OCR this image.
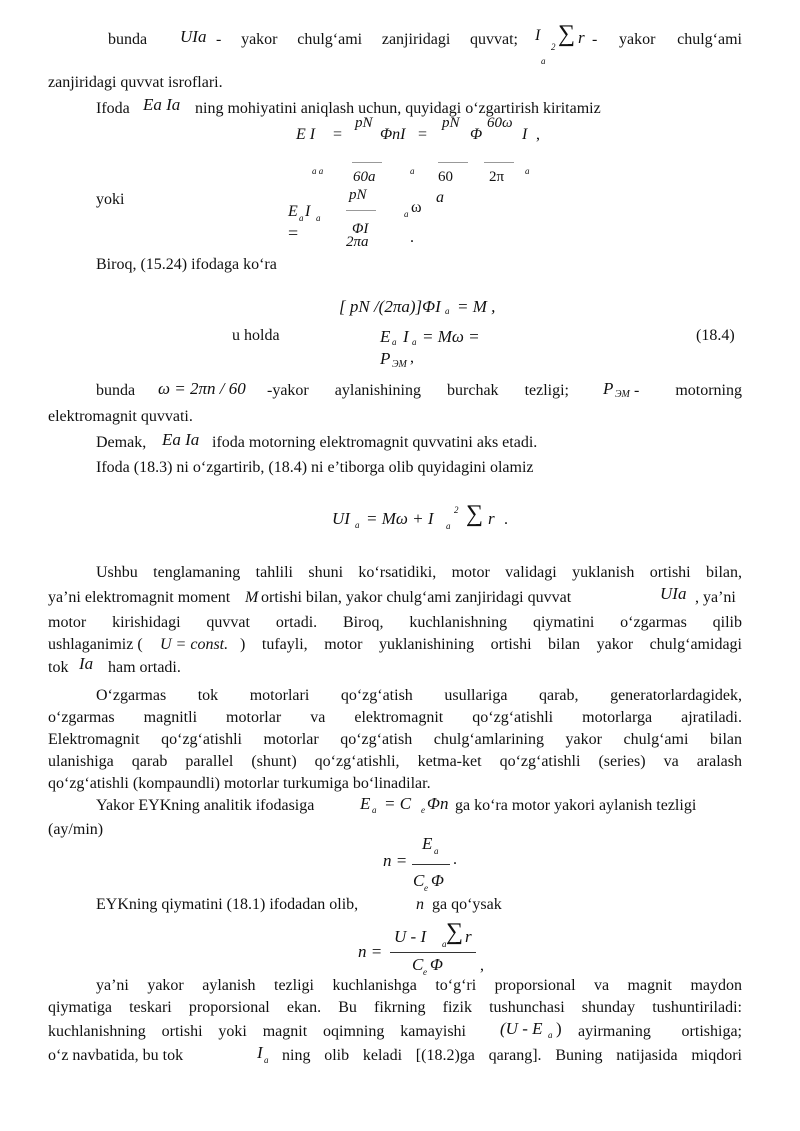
bunda UIa - yakor chulg‘ami zanjiridagi quvvat; I
2
a
∑ r - yakor chulg‘ami
zanjiridagi quvvat isroflari.
Ifoda Ea Ia ning mohiyatini aniqlash uchun, quyidagi o‘zgartirish kiritamiz
E I =
pN
ΦnI =
pN
Φ
60ω
I ,
a a 60a	a 60 2π a
yoki
E a I a
=
pN
ΦI
2πa
a ω
a
.
Biroq, (15.24) ifodaga ko‘ra
[ pN /(2πa)]ΦI a = M ,
u holda	E a I a = Mω =
P ЭМ ,
(18.4)
bunda ω = 2πn / 60 -yakor aylanishining burchak tezligi; P ЭМ - motorning
elektromagnit quvvati.
Demak, Ea Ia ifoda motorning elektromagnit quvvatini aks etadi.
Ifoda (18.3) ni o‘zgartirib, (18.4) ni e’tiborga olib quyidagini olamiz
UI a = Mω + I a
2 ∑ r .
Ushbu tenglamaning tahlili shuni ko‘rsatidiki, motor validagi yuklanish ortishi bilan,
ya’ni elektromagnit moment M ortishi bilan, yakor chulg‘ami zanjiridagi quvvat	UIa , ya’ni
motor kirishidagi quvvat ortadi. Biroq, kuchlanishning qiymatini o‘zgarmas qilib
ushlaganimiz ( U = const. ) tufayli, motor yuklanishining ortishi bilan yakor chulg‘amidagi
tok Ia ham ortadi.
O‘zgarmas tok motorlari qo‘zg‘atish usullariga qarab, generatorlardagidek,
o‘zgarmas magnitli motorlar va elektromagnit qo‘zg‘atishli motorlarga ajratiladi.
Elektromagnit qo‘zg‘atishli motorlar qo‘zg‘atish chulg‘amlarining yakor chulg‘ami bilan
ulanishiga qarab parallel (shunt) qo‘zg‘atishli, ketma-ket qo‘zg‘atishli (series) va aralash
qo‘zg‘atishli (kompaundli) motorlar turkumiga bo‘linadilar.
Yakor EYKning analitik ifodasiga	E a = C e Φn ga ko‘ra motor yakori aylanish tezligi
(ay/min)
n =
E a
C e Φ
.
EYKning qiymatini (18.1) ifodadan olib,	n ga qo‘ysak
n =
U - I a ∑ r
C e Φ ,
ya’ni yakor aylanish tezligi kuchlanishga to‘g‘ri proporsional va magnit maydon
qiymatiga teskari proporsional ekan. Bu fikrning fizik tushunchasi shunday tushuntiriladi:
kuchlanishning ortishi yoki magnit oqimning kamayishi (U - E a ) ayirmaning ortishiga;
o‘z navbatida, bu tok	I a ning olib keladi [(18.2)ga qarang]. Buning natijasida miqdori
